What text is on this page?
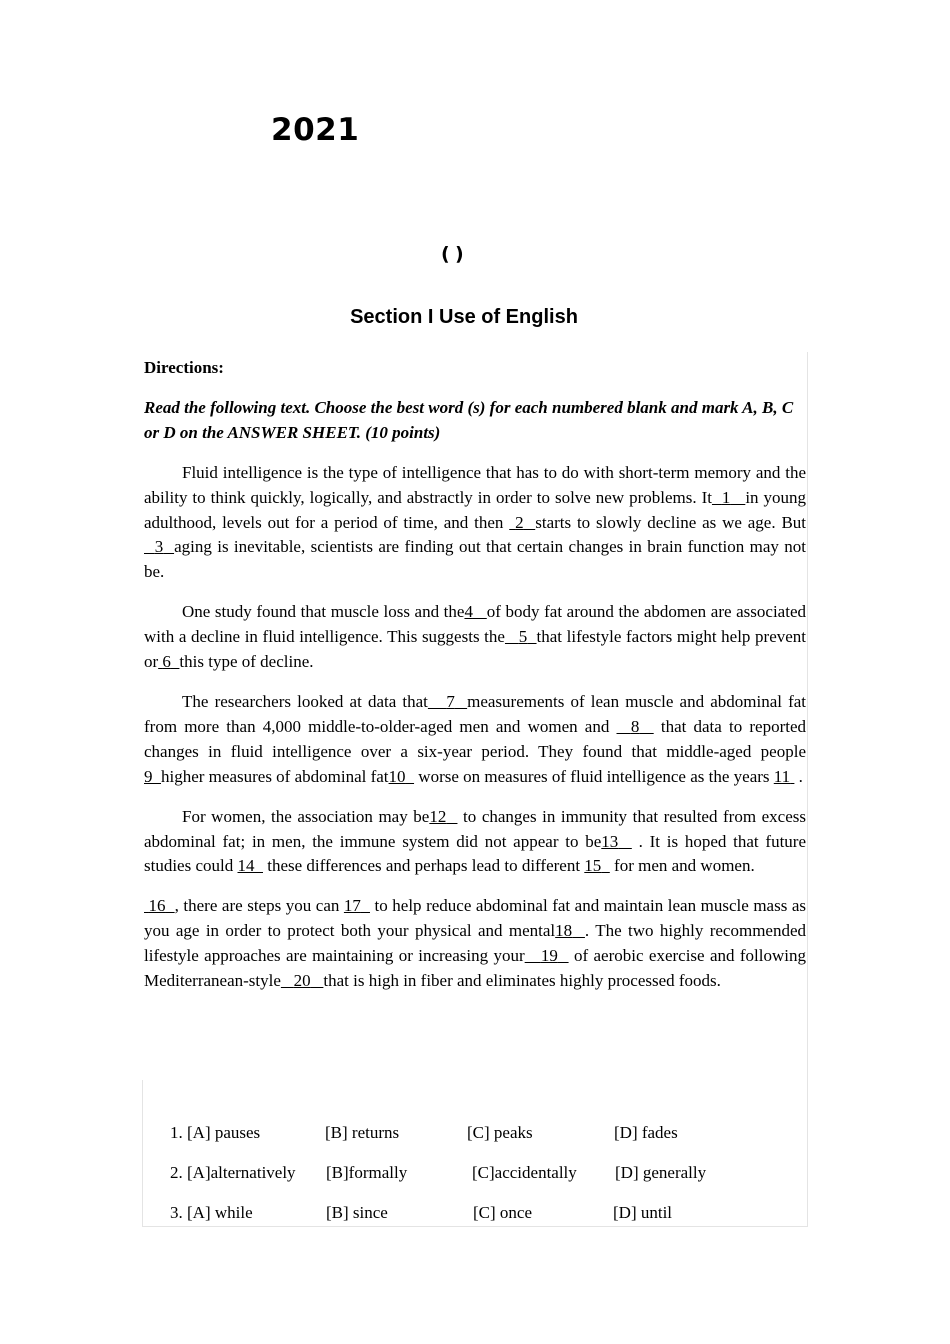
2021
( )
Section I Use of English

Directions:

Read the following text. Choose the best word (s) for each numbered blank and mark A, B, C or D on the ANSWER SHEET. (10 points)

Fluid intelligence is the type of intelligence that has to do with short-term memory and the ability to think quickly, logically, and abstractly in order to solve new problems. It 1 in young adulthood, levels out for a period of time, and then  2 starts to slowly decline as we age. But  3 aging is inevitable, scientists are finding out that certain changes in brain function may not be.

One study found that muscle loss and the4 of body fat around the abdomen are associated with a decline in fluid intelligence. This suggests the 5 that lifestyle factors might help prevent or 6 this type of decline.

The researchers looked at data that 7 measurements of lean muscle and abdominal fat from more than 4,000 middle-to-older-aged men and women and   8   that data to reported changes in fluid intelligence over a six-year period. They found that middle-aged people 9 higher measures of abdominal fat10   worse on measures of fluid intelligence as the years 11  .

For women, the association may be12   to changes in immunity that resulted from excess abdominal fat; in men, the immune system did not appear to be13   . It is hoped that future studies could 14   these differences and perhaps lead to different 15   for men and women.

16 , there are steps you can 17   to help reduce abdominal fat and maintain lean muscle mass as you age in order to protect both your physical and mental18 . The two highly recommended lifestyle approaches are maintaining or increasing your 19   of aerobic exercise and following Mediterranean-style 20 that is high in fiber and eliminates highly processed foods.

1. [A] pauses	[B] returns	[C] peaks	[D] fades
2. [A]alternatively [B]formally	[C]accidentally [D] generally
3. [A] while	[B] since	[C] once	[D] until
